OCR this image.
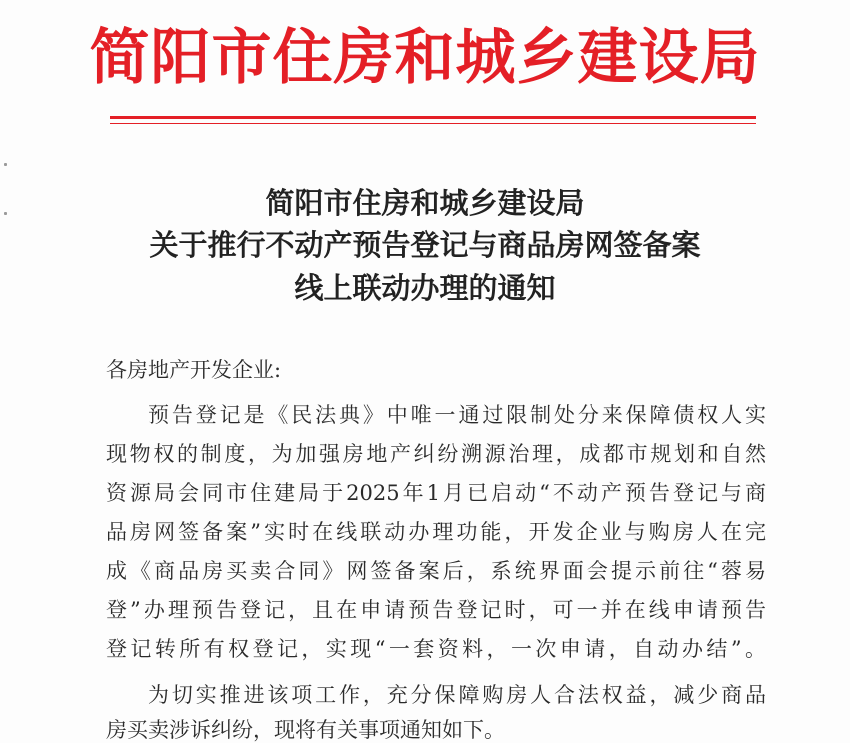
简阳市住房和城乡建设局
简阳市住房和城乡建设局
关于推行不动产预告登记与商品房网签备案
线上联动办理的通知
各房地产开发企业:
预告登记是《民法典》中唯一通过限制处分来保障债权人实
现物权的制度，为加强房地产纠纷溯源治理，成都市规划和自然
资源局会同市住建局于2025年1月已启动“不动产预告登记与商
品房网签备案”实时在线联动办理功能，开发企业与购房人在完
成《商品房买卖合同》网签备案后，系统界面会提示前往“蓉易
登”办理预告登记，且在申请预告登记时，可一并在线申请预告
登记转所有权登记，实现“一套资料，一次申请，自动办结”。
为切实推进该项工作，充分保障购房人合法权益，减少商品
房买卖涉诉纠纷，现将有关事项通知如下。
